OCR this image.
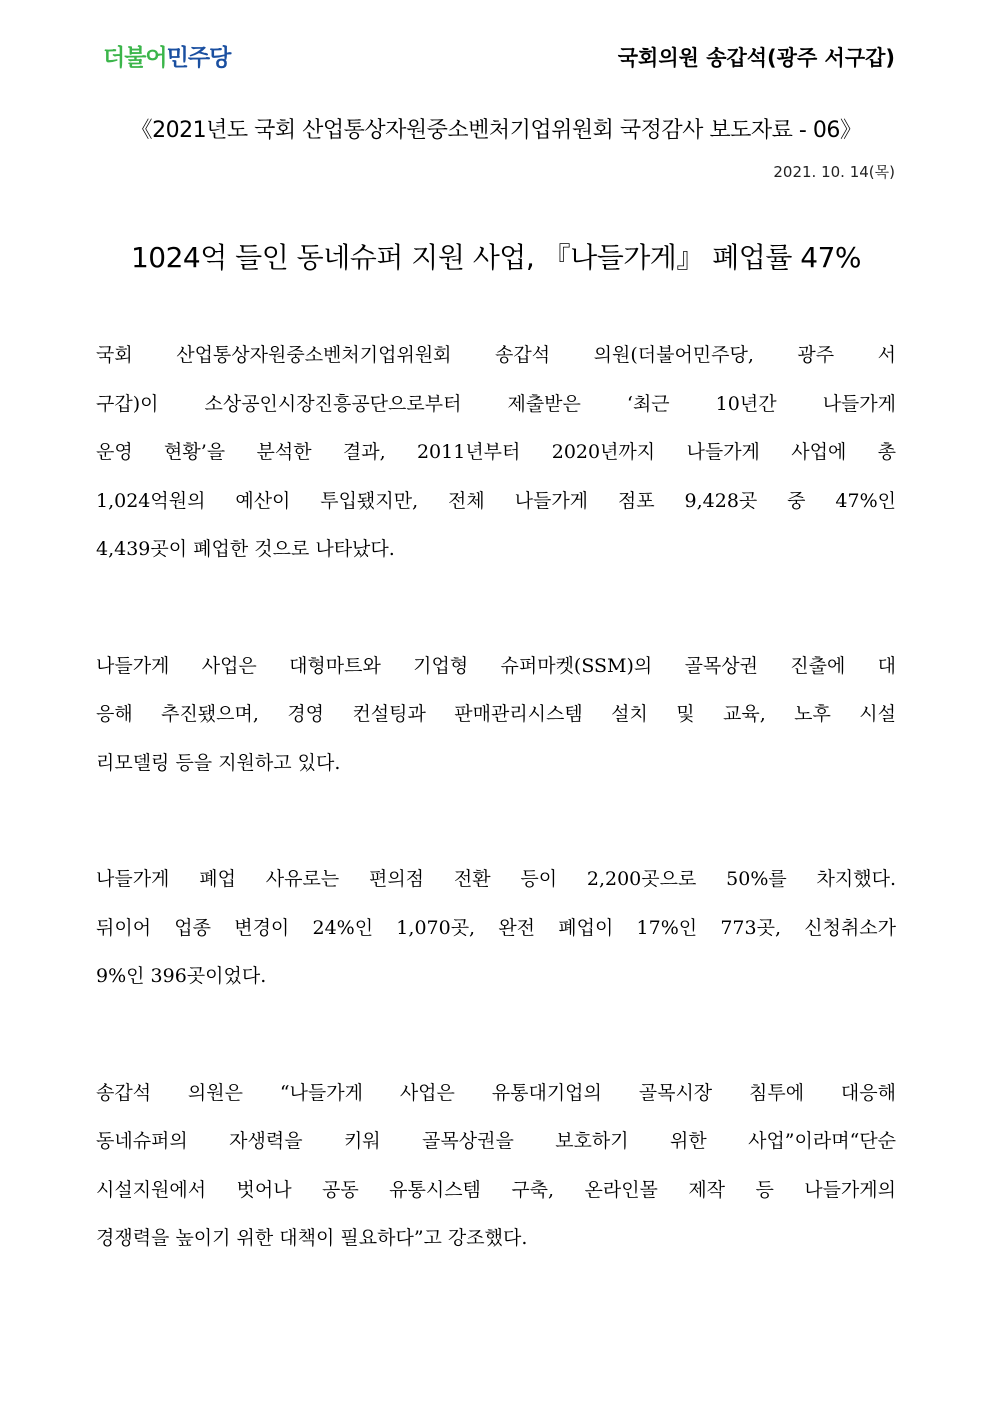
더불어민주당	국회의원 송갑석(광주 서구갑)
《2021년도 국회 산업통상자원중소벤처기업위원회 국정감사 보도자료 - 06》
2021. 10. 14(목)
1024억 들인 동네슈퍼 지원 사업, 『나들가게』 폐업률 47%
국회 산업통상자원중소벤처기업위원회 송갑석 의원(더불어민주당, 광주 서
구갑)이 소상공인시장진흥공단으로부터 제출받은 ‘최근 10년간 나들가게
운영 현황’을 분석한 결과, 2011년부터 2020년까지 나들가게 사업에 총
1,024억원의 예산이 투입됐지만, 전체 나들가게 점포 9,428곳 중 47%인
4,439곳이 폐업한 것으로 나타났다.
나들가게 사업은 대형마트와 기업형 슈퍼마켓(SSM)의 골목상권 진출에 대
응해 추진됐으며, 경영 컨설팅과 판매관리시스템 설치 및 교육, 노후 시설
리모델링 등을 지원하고 있다.
나들가게 폐업 사유로는 편의점 전환 등이 2,200곳으로 50%를 차지했다.
뒤이어 업종 변경이 24%인 1,070곳, 완전 폐업이 17%인 773곳, 신청취소가
9%인 396곳이었다.
송갑석 의원은 “나들가게 사업은 유통대기업의 골목시장 침투에 대응해
동네슈퍼의 자생력을 키워 골목상권을 보호하기 위한 사업”이라며“단순
시설지원에서 벗어나 공동 유통시스템 구축, 온라인몰 제작 등 나들가게의
경쟁력을 높이기 위한 대책이 필요하다”고 강조했다.
